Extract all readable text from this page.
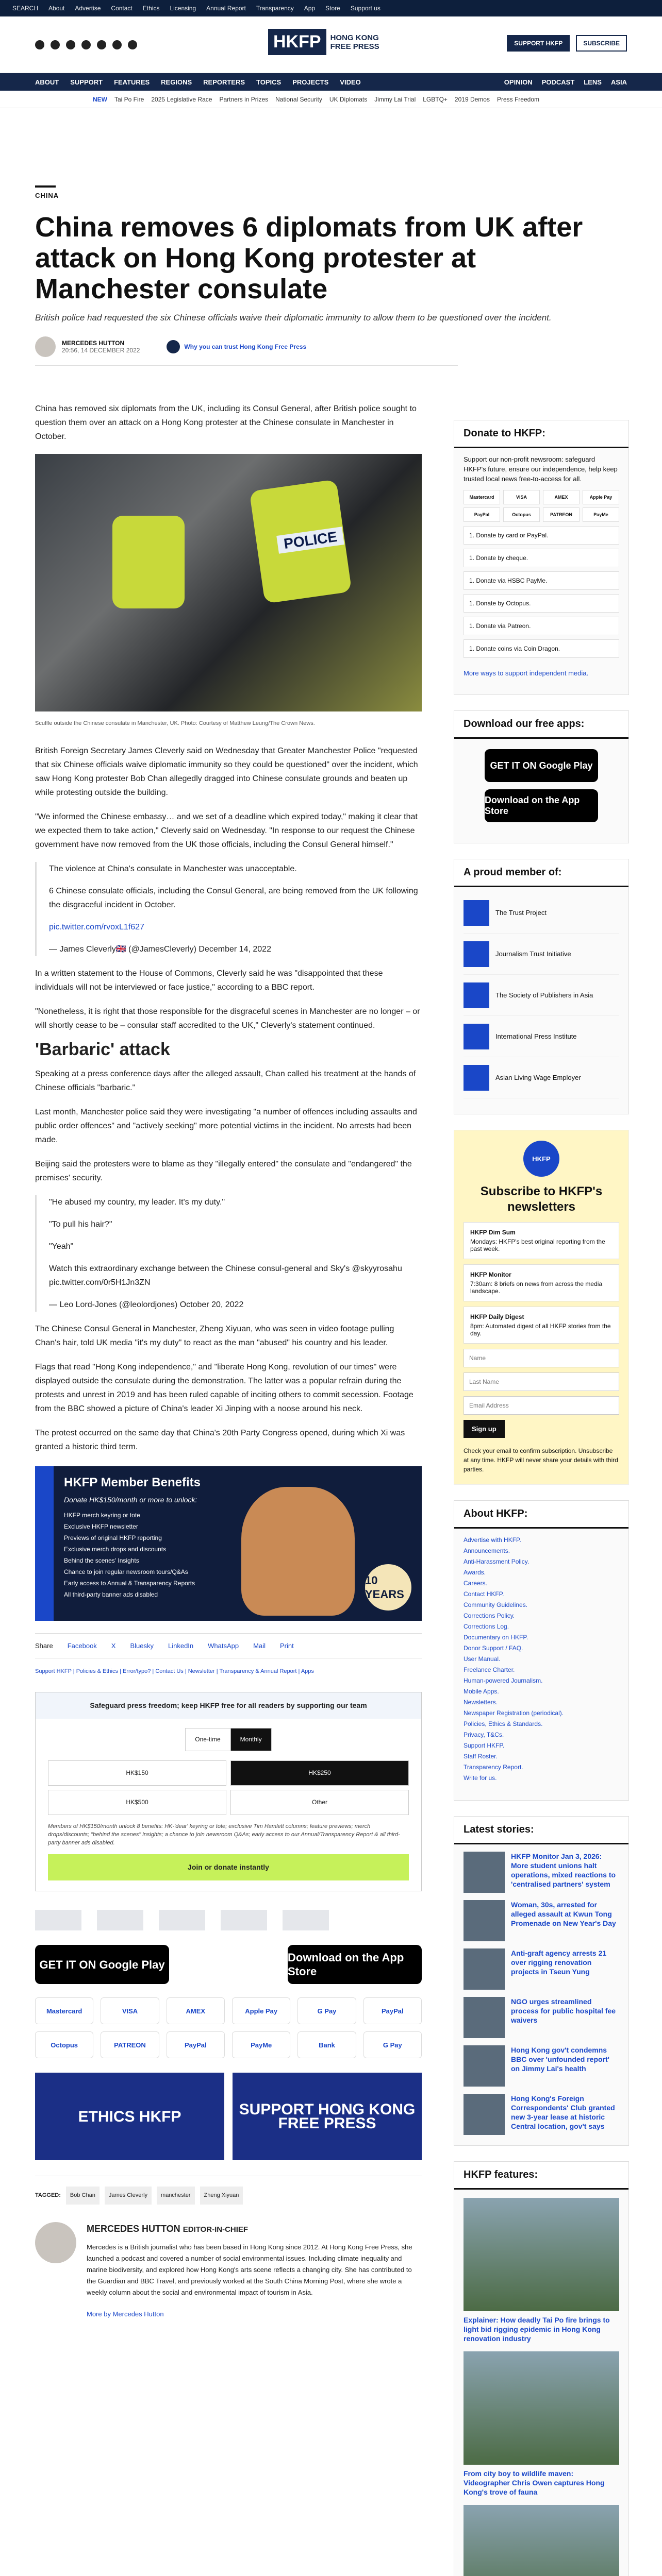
SEARCH About Advertise Contact Ethics Licensing Annual Report Transparency App Store Support us
HKFP	HONG KONG
FREE PRESS	SUPPORT HKFP	SUBSCRIBE
ABOUT SUPPORT FEATURES REGIONS REPORTERS TOPICS PROJECTS VIDEO	OPINION PODCAST LENS ASIA
NEW Tai Po Fire 2025 Legislative Race Partners in Prizes National Security UK Diplomats Jimmy Lai Trial LGBTQ+ 2019 Demos Press Freedom
CHINA
China removes 6 diplomats from UK after attack on Hong Kong protester at Manchester consulate
British police had requested the six Chinese officials waive their diplomatic immunity to allow them to be questioned over the incident.
MERCEDES HUTTON
20:56, 14 DECEMBER 2022	Why you can trust Hong Kong Free Press

China has removed six diplomats from the UK, including its Consul General, after British police sought to question them over an attack on a Hong Kong protester at the Chinese consulate in Manchester in October.

POLICE
Scuffle outside the Chinese consulate in Manchester, UK. Photo: Courtesy of Matthew Leung/The Crown News.

British Foreign Secretary James Cleverly said on Wednesday that Greater Manchester Police "requested that six Chinese officials waive diplomatic immunity so they could be questioned" over the incident, which saw Hong Kong protester Bob Chan allegedly dragged into Chinese consulate grounds and beaten up while protesting outside the building.

"We informed the Chinese embassy… and we set of a deadline which expired today," making it clear that we expected them to take action," Cleverly said on Wednesday. "In response to our request the Chinese government have now removed from the UK those officials, including the Consul General himself."

The violence at China's consulate in Manchester was unacceptable.

6 Chinese consulate officials, including the Consul General, are being removed from the UK following the disgraceful incident in October.

pic.twitter.com/rvoxL1f627

— James Cleverly🇬🇧 (@JamesCleverly) December 14, 2022

In a written statement to the House of Commons, Cleverly said he was "disappointed that these individuals will not be interviewed or face justice," according to a BBC report.

"Nonetheless, it is right that those responsible for the disgraceful scenes in Manchester are no longer – or will shortly cease to be – consular staff accredited to the UK," Cleverly's statement continued.

'Barbaric' attack

Speaking at a press conference days after the alleged assault, Chan called his treatment at the hands of Chinese officials "barbaric."

Last month, Manchester police said they were investigating "a number of offences including assaults and public order offences" and "actively seeking" more potential victims in the incident. No arrests had been made.

Beijing said the protesters were to blame as they "illegally entered" the consulate and "endangered" the premises' security.

"He abused my country, my leader. It's my duty."

"To pull his hair?"

"Yeah"

Watch this extraordinary exchange between the Chinese consul-general and Sky's @skyyrosahu pic.twitter.com/0r5H1Jn3ZN

— Leo Lord-Jones (@leolordjones) October 20, 2022

The Chinese Consul General in Manchester, Zheng Xiyuan, who was seen in video footage pulling Chan's hair, told UK media "it's my duty" to react as the man "abused" his country and his leader.

Flags that read "Hong Kong independence," and "liberate Hong Kong, revolution of our times" were displayed outside the consulate during the demonstration. The latter was a popular refrain during the protests and unrest in 2019 and has been ruled capable of inciting others to commit secession. Footage from the BBC showed a picture of China's leader Xi Jinping with a noose around his neck.

The protest occurred on the same day that China's 20th Party Congress opened, during which Xi was granted a historic third term.

HKFP Member Benefits
Donate HK$150/month or more to unlock:
HKFP merch keyring or tote
Exclusive HKFP newsletter
Previews of original HKFP reporting
Exclusive merch drops and discounts
Behind the scenes' Insights
Chance to join regular newsroom tours/Q&As
Early access to Annual & Transparency Reports
All third-party banner ads disabled
10 YEARS
Share Facebook X Bluesky LinkedIn WhatsApp Mail Print
Support HKFP | Policies & Ethics | Error/typo? | Contact Us | Newsletter | Transparency & Annual Report | Apps
Safeguard press freedom; keep HKFP free for all readers by supporting our team
One-time	Monthly
HK$150	HK$250
HK$500	Other
Members of HK$150/month unlock 8 benefits: HK-'dear' keyring or tote; exclusive Tim Hamlett columns; feature previews; merch drops/discounts; "behind the scenes" insights; a chance to join newsroom Q&As; early access to our Annual/Transparency Report & all third-party banner ads disabled.
Join or donate instantly
GET IT ON Google Play
Download on the App Store
Mastercard	VISA	AMEX	Apple Pay	G Pay	PayPal
Octopus	PATREON	PayPal	PayMe	Bank	G Pay
ETHICS HKFP	SUPPORT HONG KONG FREE PRESS
TAGGED:	Bob Chan	James Cleverly	manchester	Zheng Xiyuan
MERCEDES HUTTON EDITOR-IN-CHIEF

Mercedes is a British journalist who has been based in Hong Kong since 2012. At Hong Kong Free Press, she launched a podcast and covered a number of social environmental issues. Including climate inequality and marine biodiversity, and explored how Hong Kong's arts scene reflects a changing city. She has contributed to the Guardian and BBC Travel, and previously worked at the South China Morning Post, where she wrote a weekly column about the social and environmental impact of tourism in Asia.

More by Mercedes Hutton

Donate to HKFP:

Support our non-profit newsroom: safeguard HKFP's future, ensure our independence, help keep trusted local news free-to-access for all.

Mastercard	VISA	AMEX	Apple Pay
PayPal	Octopus	PATREON	PayMe
1. Donate by card or PayPal.
1. Donate by cheque.
1. Donate via HSBC PayMe.
1. Donate by Octopus.
1. Donate via Patreon.
1. Donate coins via Coin Dragon.

More ways to support independent media.

Download our free apps:
GET IT ON Google Play
Download on the App Store
A proud member of:
The Trust Project
Journalism Trust Initiative
The Society of Publishers in Asia
International Press Institute
Asian Living Wage Employer
HKFP
Subscribe to HKFP's newsletters
HKFP Dim Sum
Mondays: HKFP's best original reporting from the past week.
HKFP Monitor
7:30am: 8 briefs on news from across the media landscape.
HKFP Daily Digest
8pm: Automated digest of all HKFP stories from the day.
Name
Last Name
Email Address Sign up
Check your email to confirm subscription. Unsubscribe at any time. HKFP will never share your details with third parties.
About HKFP:
Advertise with HKFP.
Announcements.
Anti-Harassment Policy.
Awards.
Careers.
Contact HKFP.
Community Guidelines.
Corrections Policy.
Corrections Log.
Documentary on HKFP.
Donor Support / FAQ.
User Manual.
Freelance Charter.
Human-powered Journalism.
Mobile Apps.
Newsletters.
Newspaper Registration (periodical).
Policies, Ethics & Standards.
Privacy, T&Cs.
Support HKFP.
Staff Roster.
Transparency Report.
Write for us.
Latest stories:
HKFP Monitor Jan 3, 2026: More student unions halt operations, mixed reactions to 'centralised partners' system
Woman, 30s, arrested for alleged assault at Kwun Tong Promenade on New Year's Day
Anti-graft agency arrests 21 over rigging renovation projects in Tseun Yung
NGO urges streamlined process for public hospital fee waivers
Hong Kong gov't condemns BBC over 'unfounded report' on Jimmy Lai's health
Hong Kong's Foreign Correspondents' Club granted new 3-year lease at historic Central location, gov't says
HKFP features:
Explainer: How deadly Tai Po fire brings to light bid rigging epidemic in Hong Kong renovation industry
From city boy to wildlife maven: Videographer Chris Owen captures Hong Kong's trove of fauna
